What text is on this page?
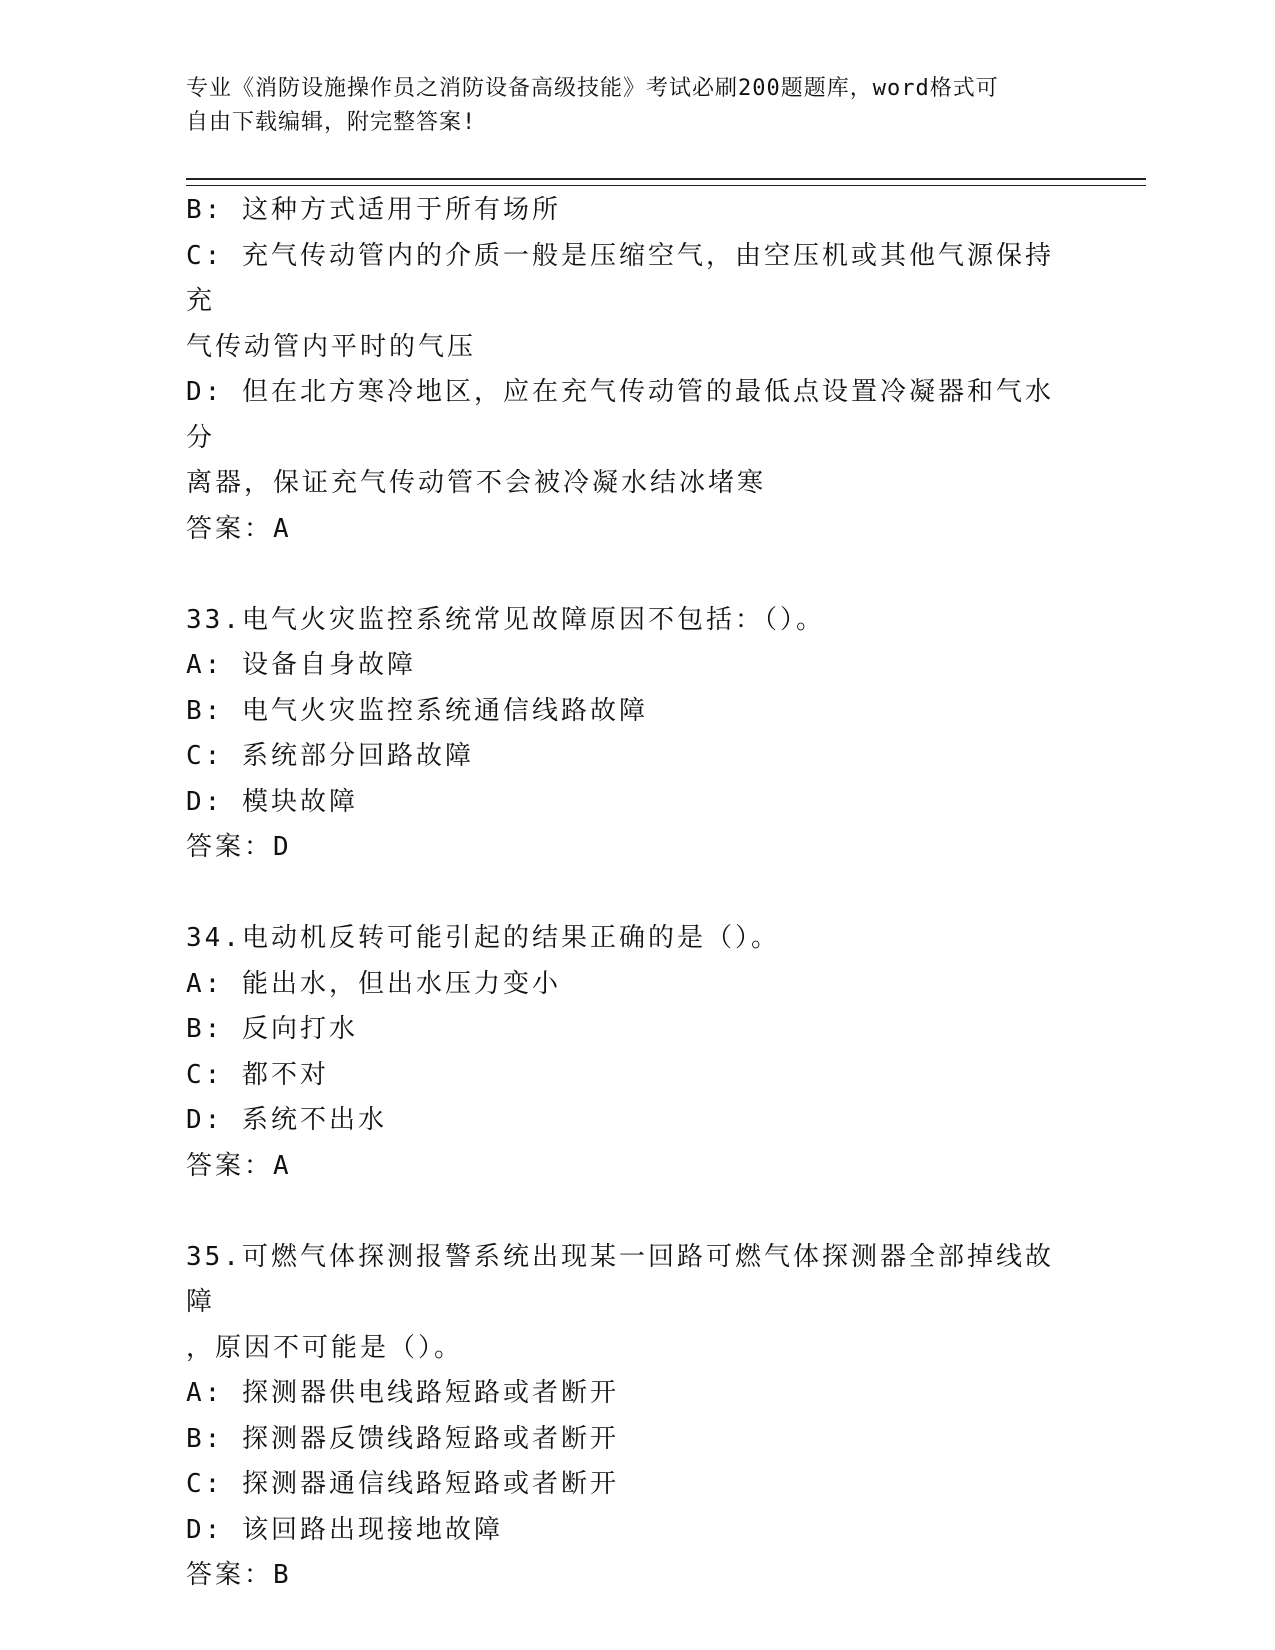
专业《消防设施操作员之消防设备高级技能》考试必刷200题题库，word格式可
自由下载编辑，附完整答案!
B: 这种方式适用于所有场所
C: 充气传动管内的介质一般是压缩空气，由空压机或其他气源保持充
气传动管内平时的气压
D: 但在北方寒冷地区，应在充气传动管的最低点设置冷凝器和气水分
离器，保证充气传动管不会被冷凝水结冰堵寒
答案：A
33.电气火灾监控系统常见故障原因不包括：（）。
A: 设备自身故障
B: 电气火灾监控系统通信线路故障
C: 系统部分回路故障
D: 模块故障
答案：D
34.电动机反转可能引起的结果正确的是（）。
A: 能出水，但出水压力变小
B: 反向打水
C: 都不对
D: 系统不出水
答案：A
35.可燃气体探测报警系统出现某一回路可燃气体探测器全部掉线故障
，原因不可能是（）。
A: 探测器供电线路短路或者断开
B: 探测器反馈线路短路或者断开
C: 探测器通信线路短路或者断开
D: 该回路出现接地故障
答案：B
